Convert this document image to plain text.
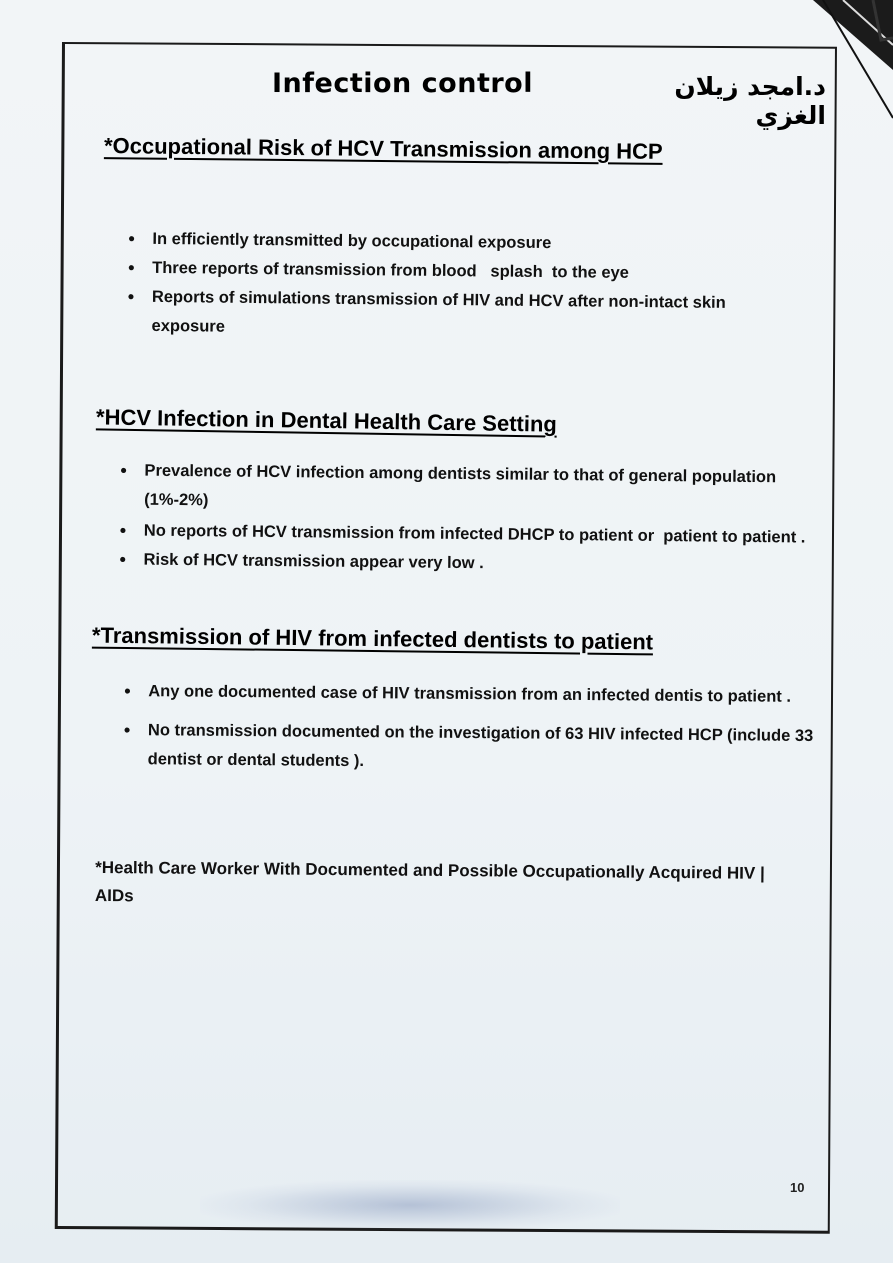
Infection control	د.امجد زيلان الغزي
*Occupational Risk of HCV Transmission among HCP
• In efficiently transmitted by occupational exposure
• Three reports of transmission from blood   splash  to the eye
• Reports of simulations transmission of HIV and HCV after non-intact skin exposure
*HCV Infection in Dental Health Care Setting
• Prevalence of HCV infection among dentists similar to that of general population (1%-2%)
• No reports of HCV transmission from infected DHCP to patient or  patient to patient .
• Risk of HCV transmission appear very low .
*Transmission of HIV from infected dentists to patient
• Any one documented case of HIV transmission from an infected dentis to patient .
• No transmission documented on the investigation of 63 HIV infected HCP (include 33 dentist or dental students ).
*Health Care Worker With Documented and Possible Occupationally Acquired HIV | AIDs
10
